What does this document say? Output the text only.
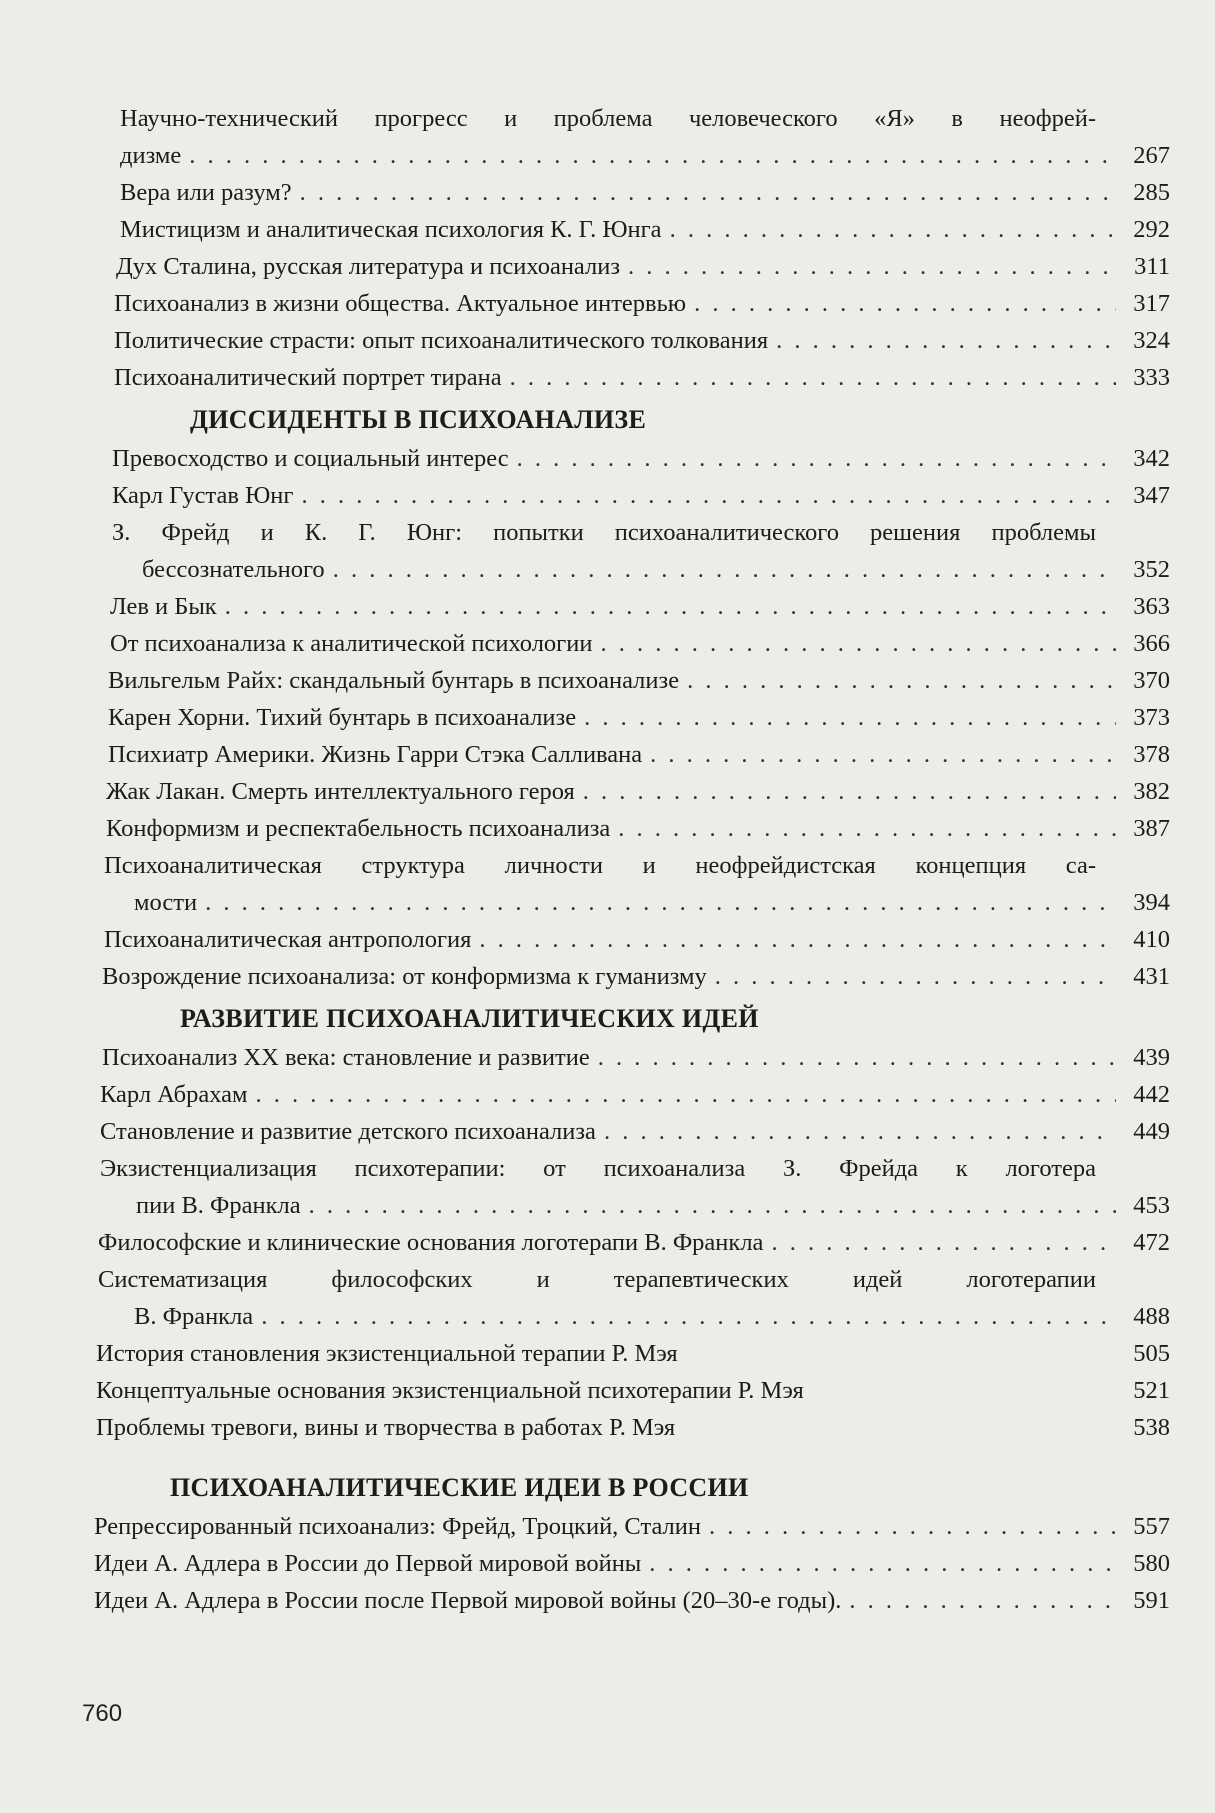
Научно-технический прогресс и проблема человеческого «Я» в неофрей-
дизме . . .	267
Вера или разум? . . .	285
Мистицизм и аналитическая психология К. Г. Юнга . . .	292
Дух Сталина, русская литература и психоанализ . . .	311
Психоанализ в жизни общества. Актуальное интервью . . .	317
Политические страсти: опыт психоаналитического толкования . . .	324
Психоаналитический портрет тирана . . .	333
ДИССИДЕНТЫ В ПСИХОАНАЛИЗЕ
Превосходство и социальный интерес . . .	342
Карл Густав Юнг . . .	347
З. Фрейд и К. Г. Юнг: попытки психоаналитического решения проблемы
бессознательного . . .	352
Лев и Бык . . .	363
От психоанализа к аналитической психологии . . .	366
Вильгельм Райх: скандальный бунтарь в психоанализе . . .	370
Карен Хорни. Тихий бунтарь в психоанализе . . .	373
Психиатр Америки. Жизнь Гарри Стэка Салливана . . .	378
Жак Лакан. Смерть интеллектуального героя . . .	382
Конформизм и респектабельность психоанализа . . .	387
Психоаналитическая структура личности и неофрейдистская концепция са-
мости . . .	394
Психоаналитическая антропология . . .	410
Возрождение психоанализа: от конформизма к гуманизму . . .	431
РАЗВИТИЕ ПСИХОАНАЛИТИЧЕСКИХ ИДЕЙ
Психоанализ XX века: становление и развитие . . .	439
Карл Абрахам . . .	442
Становление и развитие детского психоанализа . . .	449
Экзистенциализация психотерапии: от психоанализа З. Фрейда к логотера
пии В. Франкла . . .	453
Философские и клинические основания логотерапи В. Франкла . . .	472
Систематизация философских и терапевтических идей логотерапии
В. Франкла . . .	488
История становления экзистенциальной терапии Р. Мэя	505
Концептуальные основания экзистенциальной психотерапии Р. Мэя	521
Проблемы тревоги, вины и творчества в работах Р. Мэя	538
ПСИХОАНАЛИТИЧЕСКИЕ ИДЕИ В РОССИИ
Репрессированный психоанализ: Фрейд, Троцкий, Сталин . . .	557
Идеи А. Адлера в России до Первой мировой войны . . .	580
Идеи А. Адлера в России после Первой мировой войны (20–30-е годы). . . .	591
760
